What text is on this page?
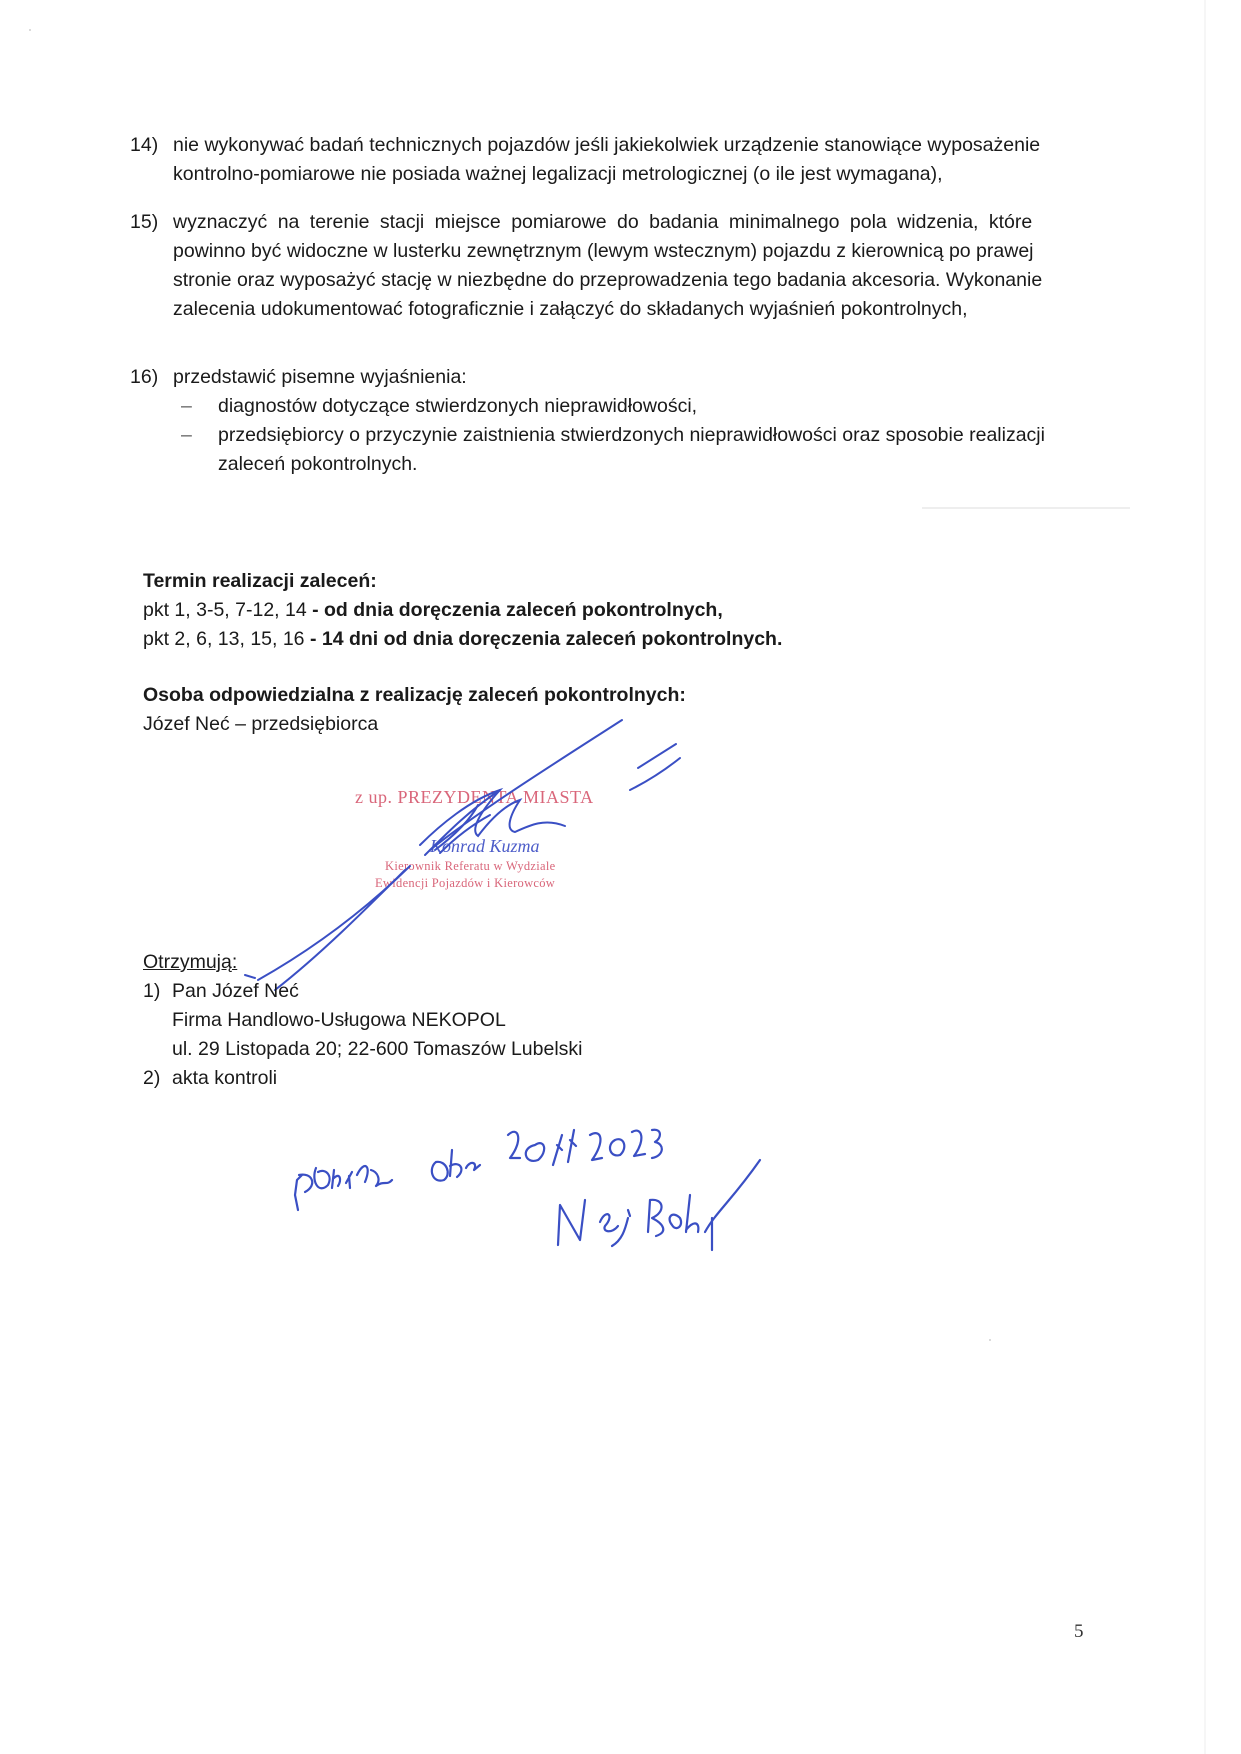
14) nie wykonywać badań technicznych pojazdów jeśli jakiekolwiek urządzenie stanowiące wyposażenie
kontrolno-pomiarowe nie posiada ważnej legalizacji metrologicznej (o ile jest wymagana),
15) wyznaczyć na terenie stacji miejsce pomiarowe do badania minimalnego pola widzenia, które
powinno być widoczne w lusterku zewnętrznym (lewym wstecznym) pojazdu z kierownicą po prawej
stronie oraz wyposażyć stację w niezbędne do przeprowadzenia tego badania akcesoria. Wykonanie
zalecenia udokumentować fotograficznie i załączyć do składanych wyjaśnień pokontrolnych,
16) przedstawić pisemne wyjaśnienia:
– diagnostów dotyczące stwierdzonych nieprawidłowości,
– przedsiębiorcy o przyczynie zaistnienia stwierdzonych nieprawidłowości oraz sposobie realizacji zaleceń pokontrolnych.
Termin realizacji zaleceń:
pkt 1, 3-5, 7-12, 14 - od dnia doręczenia zaleceń pokontrolnych,
pkt 2, 6, 13, 15, 16 - 14 dni od dnia doręczenia zaleceń pokontrolnych.
Osoba odpowiedzialna z realizację zaleceń pokontrolnych:
Józef Neć – przedsiębiorca
z up. PREZYDENTA MIASTA
Konrad Kuzma
Kierownik Referatu w Wydziale
Ewidencji Pojazdów i Kierowców
Otrzymują:
1) Pan Józef Neć
Firma Handlowo-Usługowa NEKOPOL
ul. 29 Listopada 20; 22-600 Tomaszów Lubelski
2) akta kontroli
5
